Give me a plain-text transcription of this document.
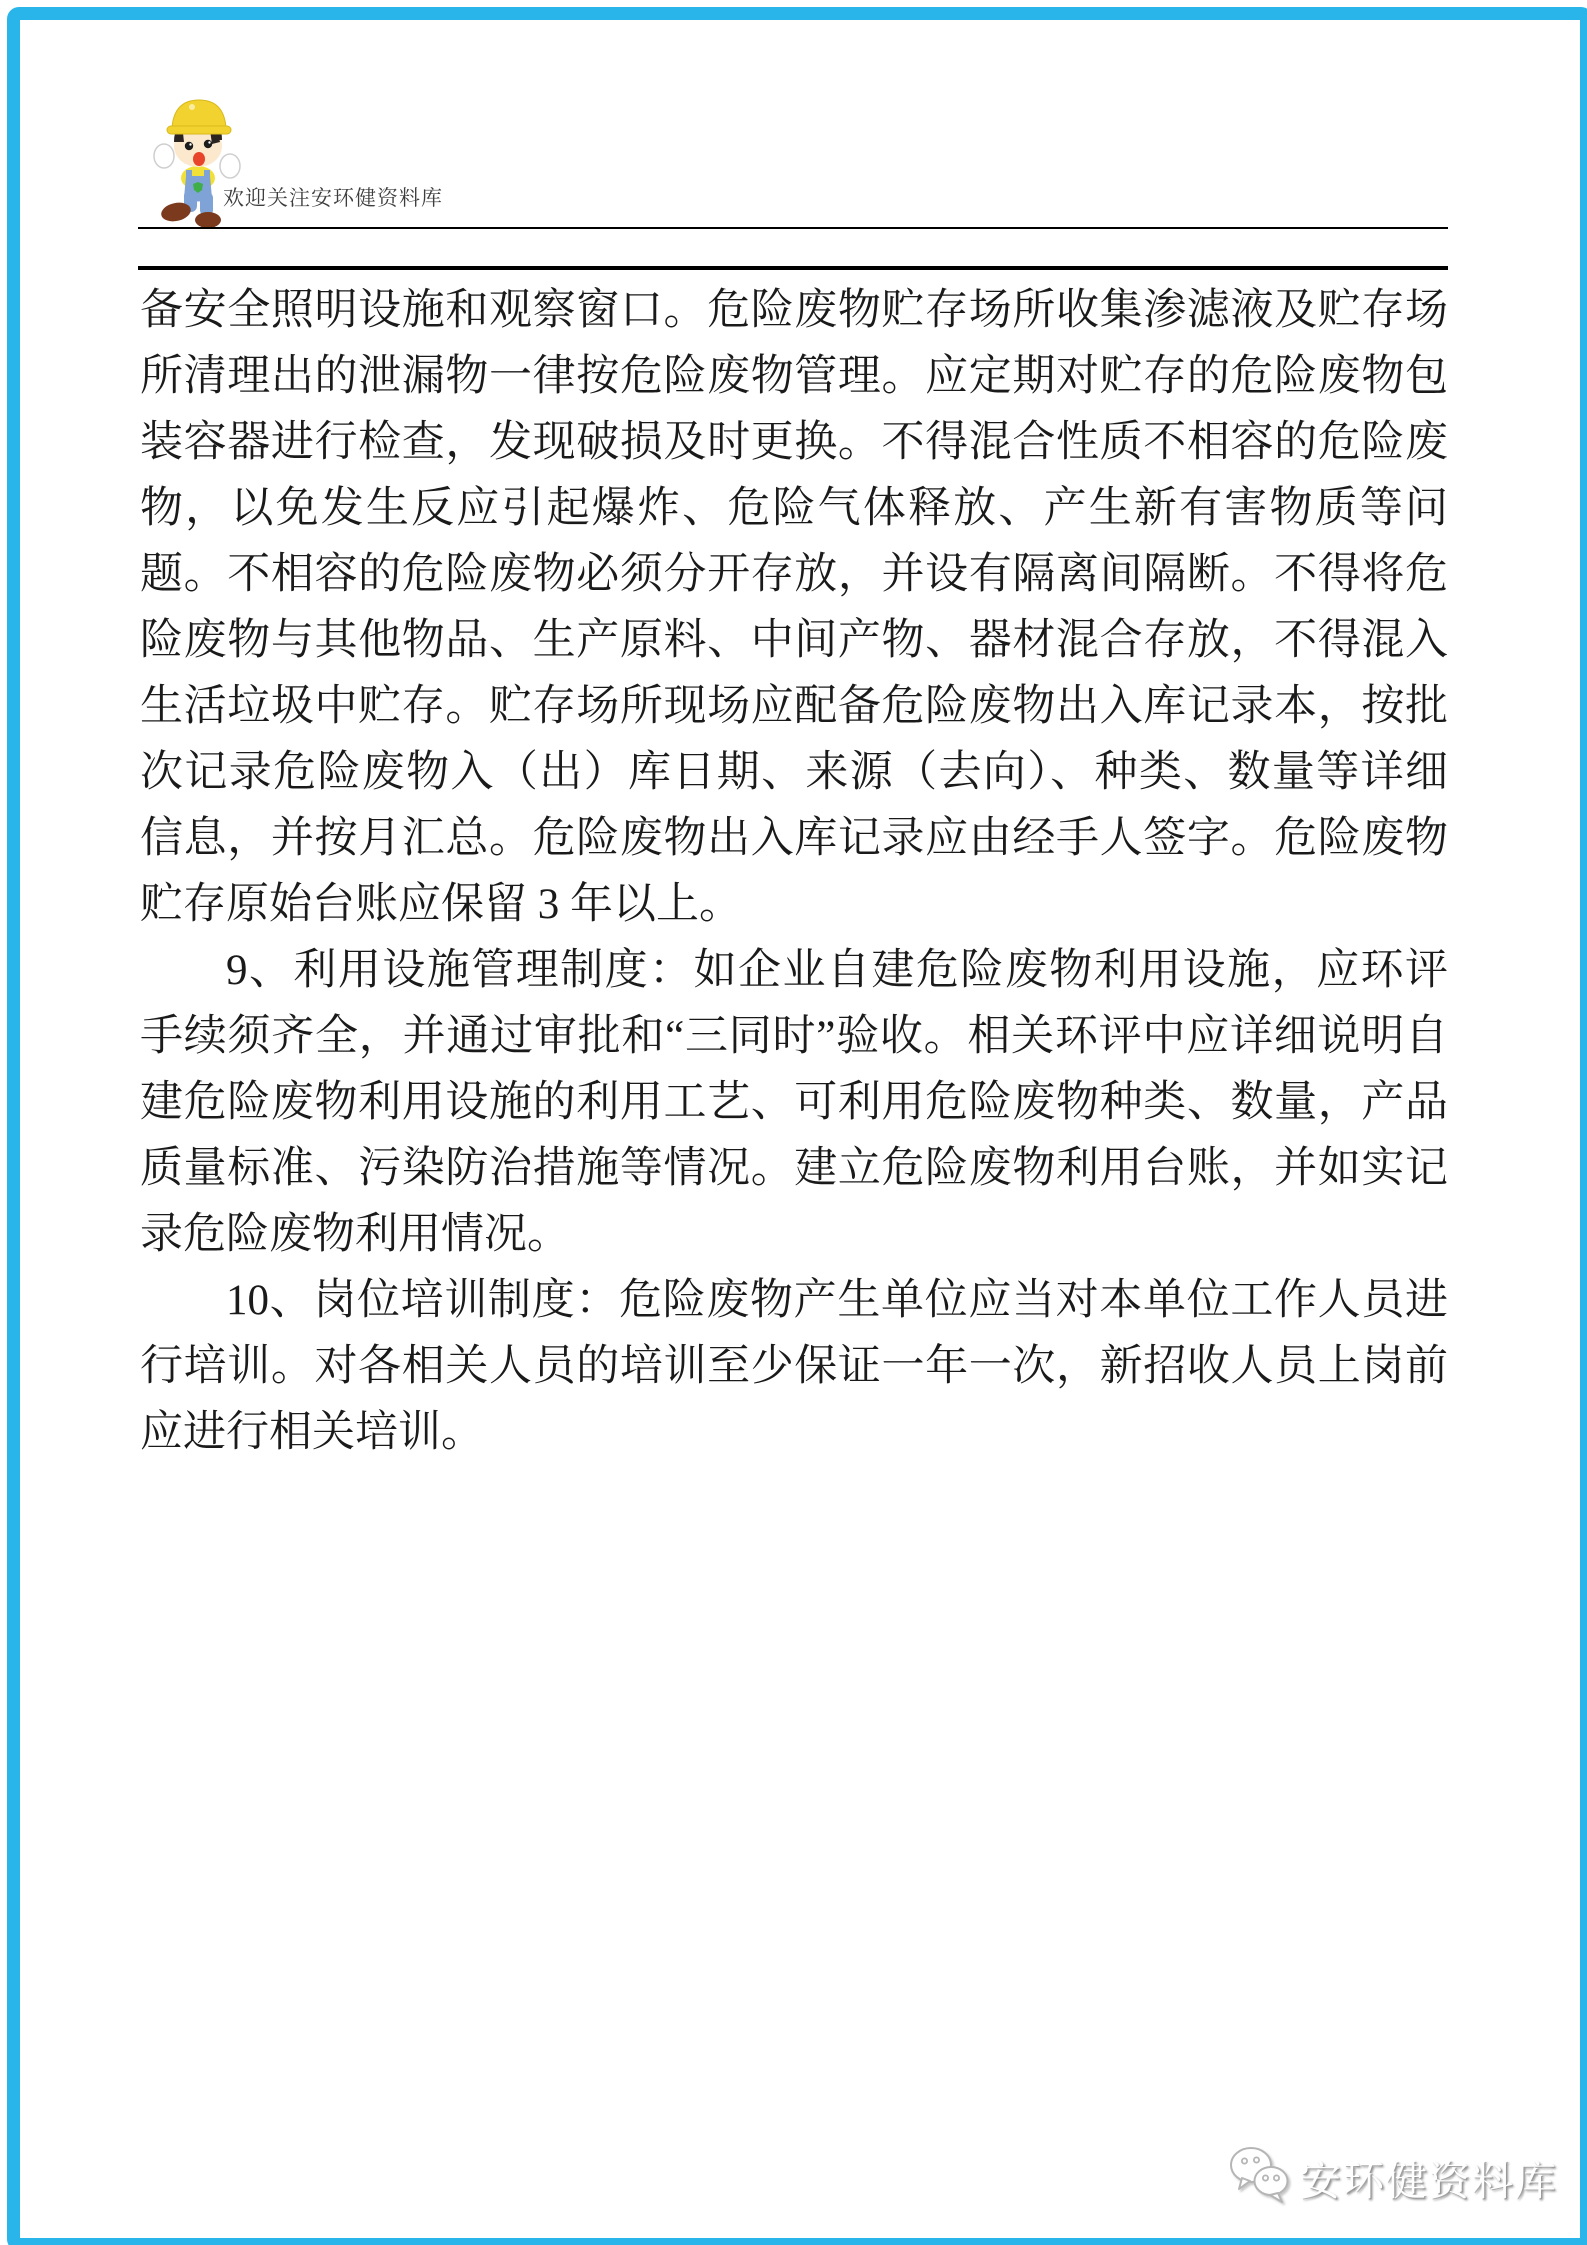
欢迎关注安环健资料库

备安全照明设施和观察窗口。危险废物贮存场所收集渗滤液及贮存场所清理出的泄漏物一律按危险废物管理。应定期对贮存的危险废物包装容器进行检查，发现破损及时更换。不得混合性质不相容的危险废物，以免发生反应引起爆炸、危险气体释放、产生新有害物质等问题。不相容的危险废物必须分开存放，并设有隔离间隔断。不得将危险废物与其他物品、生产原料、中间产物、器材混合存放，不得混入生活垃圾中贮存。贮存场所现场应配备危险废物出入库记录本，按批次记录危险废物入（出）库日期、来源（去向）、种类、数量等详细信息，并按月汇总。危险废物出入库记录应由经手人签字。危险废物贮存原始台账应保留 3 年以上。

9、利用设施管理制度：如企业自建危险废物利用设施，应环评手续须齐全，并通过审批和“三同时”验收。相关环评中应详细说明自建危险废物利用设施的利用工艺、可利用危险废物种类、数量，产品质量标准、污染防治措施等情况。建立危险废物利用台账，并如实记录危险废物利用情况。

10、岗位培训制度：危险废物产生单位应当对本单位工作人员进行培训。对各相关人员的培训至少保证一年一次，新招收人员上岗前应进行相关培训。

安环健资料库
